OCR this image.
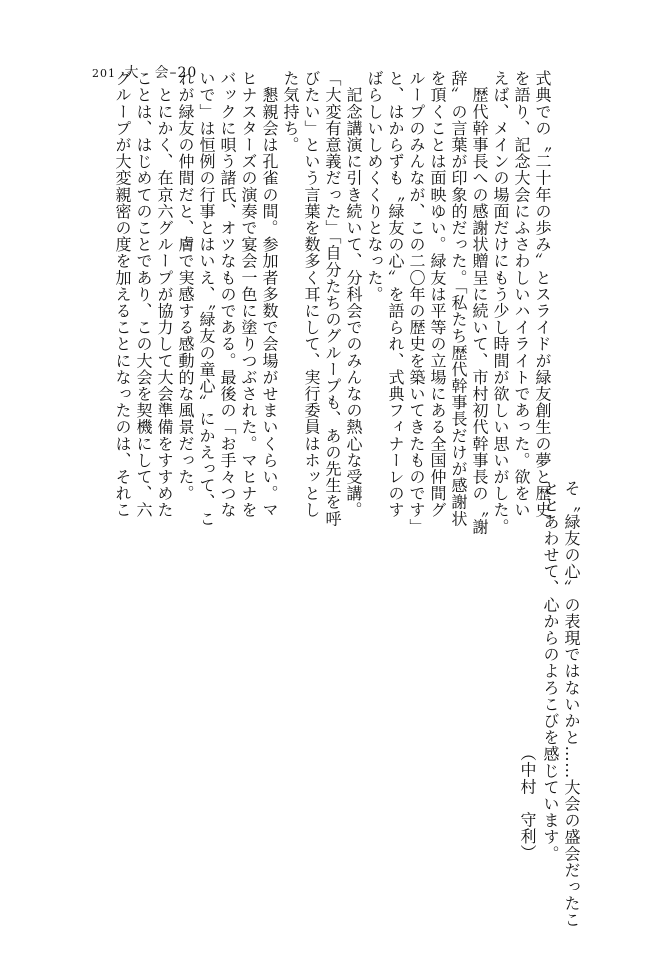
201 大　会–20	式典での〝二十年の歩み〟とスライドが緑友創生の夢と歴史
を語り、記念大会にふさわしいハイライトであった。欲をい
えば、メインの場面だけにもう少し時間が欲しい思いがした。
　歴代幹事長への感謝状贈呈に続いて、市村初代幹事長の〝謝
辞〟の言葉が印象的だった。「私たち歴代幹事長だけが感謝状
を頂くことは面映ゆい。緑友は平等の立場にある全国仲間グ
ループのみんなが、この二〇年の歴史を築いてきたものです」
と、はからずも〝緑友の心〟を語られ、式典フィナーレのす
ばらしいしめくくりとなった。
　記念講演に引き続いて、分科会でのみんなの熱心な受講。
「大変有意義だった」「自分たちのグループも、あの先生を呼
びたい」という言葉を数多く耳にして、実行委員はホッとし
た気持ち。
　懇親会は孔雀の間。参加者多数で会場がせまいくらい。マ
ヒナスターズの演奏で宴会一色に塗りつぶされた。マヒナを
バックに唄う諸氏、オツなものである。最後の「お手々つな
いで」は恒例の行事とはいえ、〝緑友の童心〟にかえって、こ
れが緑友の仲間だと、膚で実感する感動的な風景だった。
　とにかく、在京六グループが協力して大会準備をすすめた
ことは、はじめてのことであり、この大会を契機にして、六
グループが大変親密の度を加えることになったのは、それこ
そ〝緑友の心〟の表現ではないかと……大会の盛会だったこ
ととあわせて、心からのよろこびを感じています。
（中村　守利）
